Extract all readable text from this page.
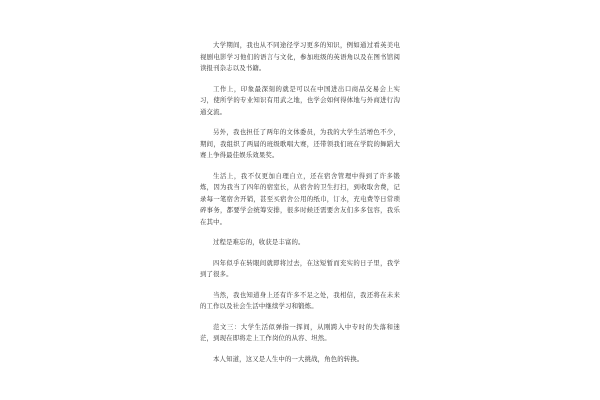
大学期间，我也从不同途径学习更多的知识，例如通过看英美电视剧电影学习他们的语言与文化，参加班级的英语角以及在图书馆阅读报刊杂志以及书籍。

工作上，印象最深刻的就是可以在中国进出口商品交易会上实习，使所学的专业知识有用武之地，也学会如何得体地与外商进行沟通交流。

另外，我也担任了两年的文体委员，为我的大学生活增色不少，期间，我组织了两届的班级歌唱大赛，还带领我们班在学院的舞蹈大赛上争得最佳娱乐效果奖。

生活上，我不仅更加自理自立，还在宿舍管理中得到了许多锻炼，因为我当了四年的宿室长，从宿舍的卫生打扫，到收取舍费，记录每一笔宿舍开销，甚至买宿舍公用的纸巾，订水，充电费等日常琐碎事务，都要学会统筹安排，很多时候还需要舍友们多多包容，我乐在其中。

过程是难忘的，收获是丰富的。

四年似乎在转眼间就即将过去，在这短暂而充实的日子里，我学到了很多。

当然，我也知道身上还有许多不足之处，我相信，我还将在未来的工作以及社会生活中继续学习和锻炼。

范文三：大学生活似弹指一挥间，从刚跨入中专时的失落和迷茫，到现在即将走上工作岗位的从容、坦然。

本人知道，这又是人生中的一大挑战，角色的转换。
